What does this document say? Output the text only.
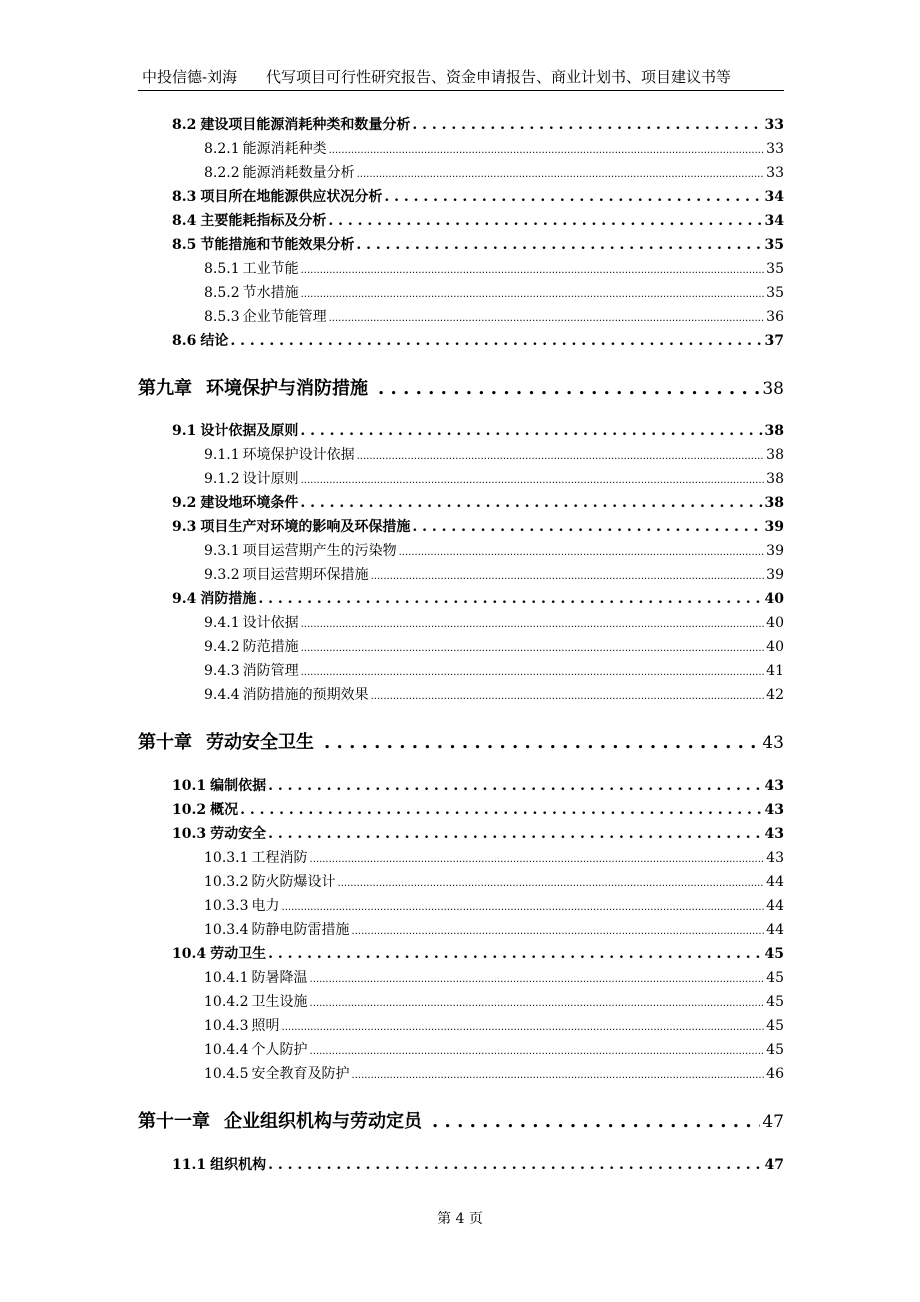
中投信德-刘海 代写项目可行性研究报告、资金申请报告、商业计划书、项目建议书等
8.2 建设项目能源消耗种类和数量分析 . . .	33
8.2.1 能源消耗种类 .....	33
8.2.2 能源消耗数量分析 .....	33
8.3 项目所在地能源供应状况分析 . . .	34
8.4 主要能耗指标及分析 . . .	34
8.5 节能措施和节能效果分析 . . .	35
8.5.1 工业节能 .....	35
8.5.2 节水措施 .....	35
8.5.3 企业节能管理 .....	36
8.6 结论 . . .	37
第九章 环境保护与消防措施 . . .	38
9.1 设计依据及原则 . . .	38
9.1.1 环境保护设计依据 .....	38
9.1.2 设计原则 .....	38
9.2 建设地环境条件 . . .	38
9.3 项目生产对环境的影响及环保措施 . . .	39
9.3.1 项目运营期产生的污染物 .....	39
9.3.2 项目运营期环保措施 .....	39
9.4 消防措施 . . .	40
9.4.1 设计依据 .....	40
9.4.2 防范措施 .....	40
9.4.3 消防管理 .....	41
9.4.4 消防措施的预期效果 .....	42
第十章 劳动安全卫生 . . .	43
10.1 编制依据 . . .	43
10.2 概况 . . .	43
10.3 劳动安全 . . .	43
10.3.1 工程消防 .....	43
10.3.2 防火防爆设计 .....	44
10.3.3 电力 .....	44
10.3.4 防静电防雷措施 .....	44
10.4 劳动卫生 . . .	45
10.4.1 防暑降温 .....	45
10.4.2 卫生设施 .....	45
10.4.3 照明 .....	45
10.4.4 个人防护 .....	45
10.4.5 安全教育及防护 .....	46
第十一章 企业组织机构与劳动定员 . . .	47
11.1 组织机构 . . .	47
第 4 页
